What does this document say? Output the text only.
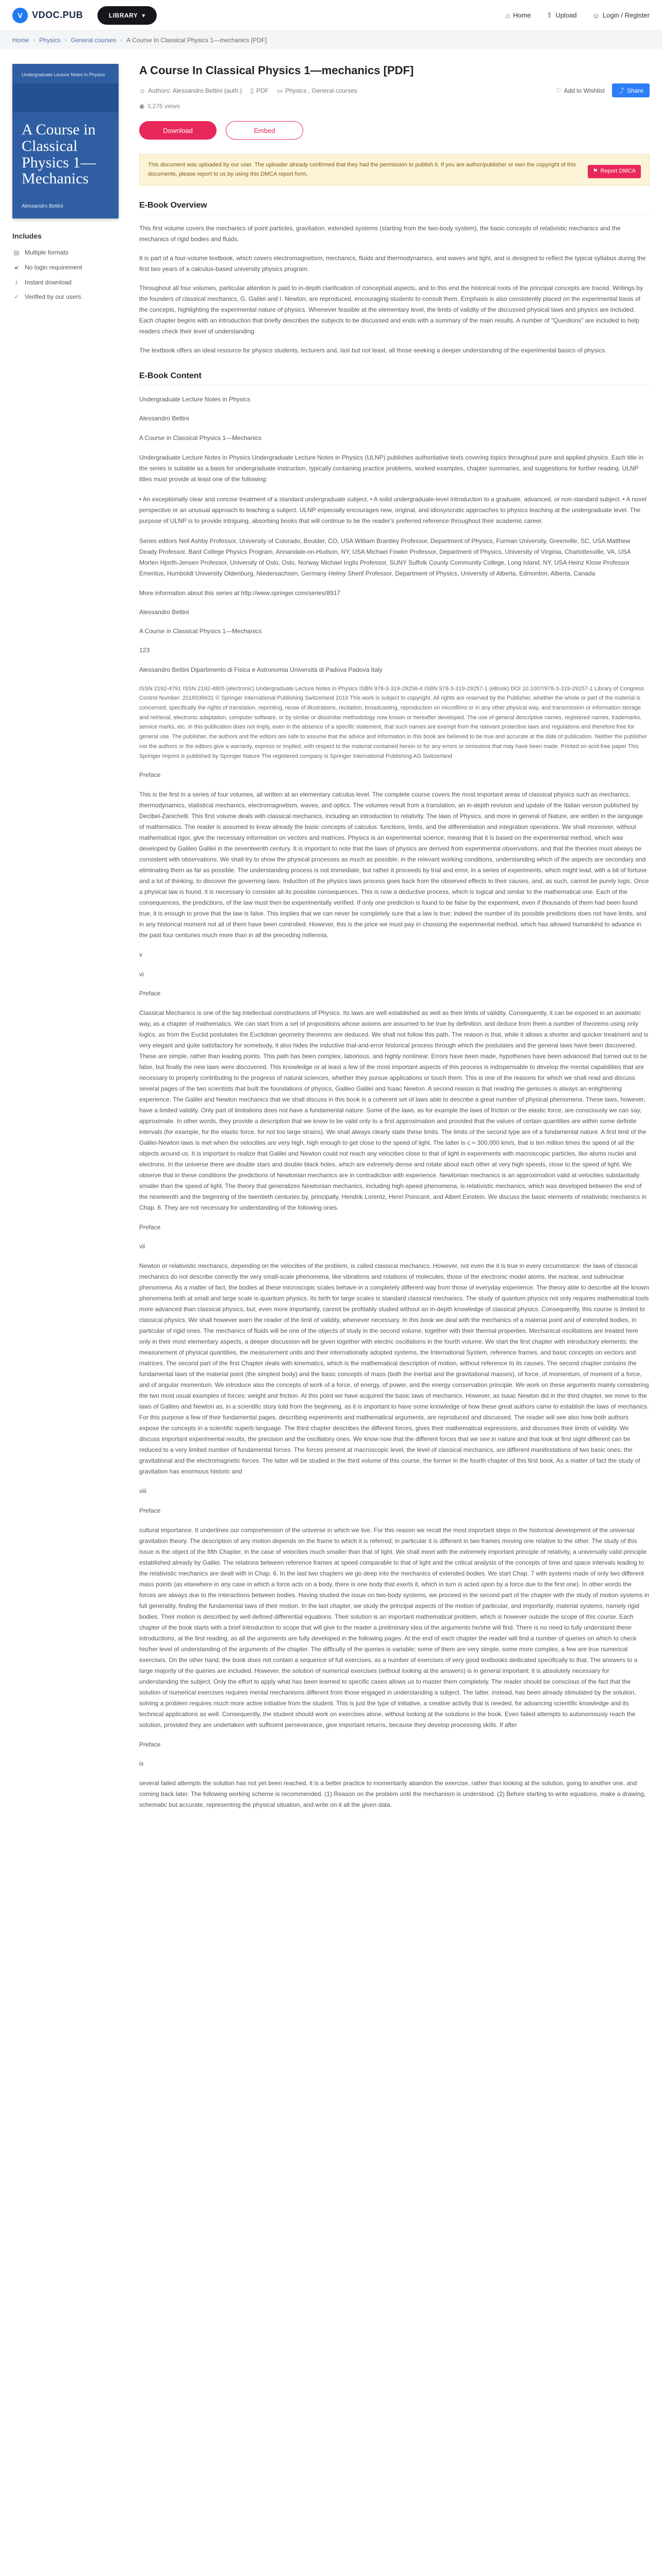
V	VDOC.PUB	LIBRARY ▾	⌂ Home ⇪ Upload ☺ Login / Register
Home › Physics › General courses › A Course In Classical Physics 1—mechanics [PDF]
Undergraduate Lecture Notes in Physics
A Course in Classical Physics 1— Mechanics
Alessandro Bettini
Includes
▤ Multiple formats
🔓︎	No login requirement
⤓	Instant download
✓ Verified by our users
A Course In Classical Physics 1—mechanics [PDF]
☺ Authors: Alessandro Bettini (auth.) ▯ PDF ▭ Physics , General courses	♡ Add to Wishlist ⤴ Share
◉ 3,276 views
Download	Embed
This document was uploaded by our user. The uploader already confirmed that they had the permission to publish it. If you are author/publisher or own the copyright of this documents, please report to us by using this DMCA report form.	⚑ Report DMCA
E-Book Overview

This first volume covers the mechanics of point particles, gravitation, extended systems (starting from the two-body system), the basic concepts of relativistic mechanics and the mechanics of rigid bodies and fluids.

It is part of a four-volume textbook, which covers electromagnetism, mechanics, fluids and thermodynamics, and waves and light, and is designed to reflect the typical syllabus during the first two years of a calculus-based university physics program.

Throughout all four volumes, particular attention is paid to in-depth clarification of conceptual aspects, and to this end the historical roots of the principal concepts are traced. Writings by the founders of classical mechanics, G. Galilei and I. Newton, are reproduced, encouraging students to consult them. Emphasis is also consistently placed on the experimental basis of the concepts, highlighting the experimental nature of physics. Whenever feasible at the elementary level, the limits of validity of the discussed physical laws and physics are included. Each chapter begins with an introduction that briefly describes the subjects to be discussed and ends with a summary of the main results. A number of "Questions" are included to help readers check their level of understanding.

The textbook offers an ideal resource for physics students, lecturers and, last but not least, all those seeking a deeper understanding of the experimental basics of physics.

E-Book Content

Undergraduate Lecture Notes in Physics

Alessandro Bettini

A Course in Classical Physics 1—Mechanics

Undergraduate Lecture Notes in Physics Undergraduate Lecture Notes in Physics (ULNP) publishes authoritative texts covering topics throughout pure and applied physics. Each title in the series is suitable as a basis for undergraduate instruction, typically containing practice problems, worked examples, chapter summaries, and suggestions for further reading. ULNP titles must provide at least one of the following:

• An exceptionally clear and concise treatment of a standard undergraduate subject. • A solid undergraduate-level introduction to a graduate, advanced, or non-standard subject. • A novel perspective or an unusual approach to teaching a subject. ULNP especially encourages new, original, and idiosyncratic approaches to physics teaching at the undergraduate level. The purpose of ULNP is to provide intriguing, absorbing books that will continue to be the reader's preferred reference throughout their academic career.

Series editors Neil Ashby Professor, University of Colorado, Boulder, CO, USA William Brantley Professor, Department of Physics, Furman University, Greenville, SC, USA Matthew Deady Professor, Bard College Physics Program, Annandale-on-Hudson, NY, USA Michael Fowler Professor, Department of Physics, University of Virginia, Charlottesville, VA, USA Morten Hjorth-Jensen Professor, University of Oslo, Oslo, Norway Michael Inglis Professor, SUNY Suffolk County Community College, Long Island, NY, USA Heinz Klose Professor Emeritus, Humboldt University Oldenburg, Niedersachsen, Germany Helmy Sherif Professor, Department of Physics, University of Alberta, Edmonton, Alberta, Canada

More information about this series at http://www.springer.com/series/8917

Alessandro Bettini

A Course in Classical Physics 1—Mechanics

123

Alessandro Bettini Dipartimento di Fisica e Astronomia Università di Padova Padova Italy

ISSN 2192-4791 ISSN 2192-4805 (electronic) Undergraduate Lecture Notes in Physics ISBN 978-3-319-29256-4 ISBN 978-3-319-29257-1 (eBook) DOI 10.1007/978-3-319-29257-1 Library of Congress Control Number: 2016936631 © Springer International Publishing Switzerland 2016 This work is subject to copyright. All rights are reserved by the Publisher, whether the whole or part of the material is concerned, specifically the rights of translation, reprinting, reuse of illustrations, recitation, broadcasting, reproduction on microfilms or in any other physical way, and transmission or information storage and retrieval, electronic adaptation, computer software, or by similar or dissimilar methodology now known or hereafter developed. The use of general descriptive names, registered names, trademarks, service marks, etc. in this publication does not imply, even in the absence of a specific statement, that such names are exempt from the relevant protective laws and regulations and therefore free for general use. The publisher, the authors and the editors are safe to assume that the advice and information in this book are believed to be true and accurate at the date of publication. Neither the publisher nor the authors or the editors give a warranty, express or implied, with respect to the material contained herein or for any errors or omissions that may have been made. Printed on acid-free paper This Springer imprint is published by Springer Nature The registered company is Springer International Publishing AG Switzerland

Preface

This is the first in a series of four volumes, all written at an elementary calculus level. The complete course covers the most important areas of classical physics such as mechanics, thermodynamics, statistical mechanics, electromagnetism, waves, and optics. The volumes result from a translation, an in-depth revision and update of the Italian version published by Decibel-Zanichelli. This first volume deals with classical mechanics, including an introduction to relativity. The laws of Physics, and more in general of Nature, are written in the language of mathematics. The reader is assumed to know already the basic concepts of calculus: functions, limits, and the differentiation and integration operations. We shall moreover, without mathematical rigor, give the necessary information on vectors and matrices. Physics is an experimental science, meaning that it is based on the experimental method, which was developed by Galileo Galilei in the seventeenth century. It is important to note that the laws of physics are derived from experimental observations, and that the theories must always be consistent with observations. We shall try to show the physical processes as much as possible, in the relevant working conditions, understanding which of the aspects are secondary and eliminating them as far as possible. The understanding process is not immediate, but rather it proceeds by trial and error, in a series of experiments, which might lead, with a bit of fortune and a lot of thinking, to discover the governing laws. Induction of the physics laws process goes back from the observed effects to their causes, and, as such, cannot be purely logic. Once a physical law is found, it is necessary to consider all its possible consequences. This is now a deductive process, which is logical and similar to the mathematical one. Each of the consequences, the predictions, of the law must then be experimentally verified. If only one prediction is found to be false by the experiment, even if thousands of them had been found true, it is enough to prove that the law is false. This implies that we can never be completely sure that a law is true; indeed the number of its possible predictions does not have limits, and in any historical moment not all of them have been controlled. However, this is the price we must pay in choosing the experimental method, which has allowed humankind to advance in the past four centuries much more than in all the preceding millennia.

v

vi

Preface

Classical Mechanics is one of the big intellectual constructions of Physics. Its laws are well established as well as their limits of validity. Consequently, it can be exposed in an axiomatic way, as a chapter of mathematics. We can start from a set of propositions whose axioms are assumed to be true by definition, and deduce from them a number of theorems using only logics, as from the Euclid postulates the Euclidean geometry theorems are deduced. We shall not follow this path. The reason is that, while it allows a shorter and quicker treatment and is very elegant and quite satisfactory for somebody, it also hides the inductive trial-and-error historical process through which the postulates and the general laws have been discovered. These are simple, rather than leading points. This path has been complex, laborious, and highly nonlinear. Errors have been made, hypotheses have been advanced that turned out to be false, but finally the new laws were discovered. This knowledge or at least a few of the most important aspects of this process is indispensable to develop the mental capabilities that are necessary to properly contributing to the progress of natural sciences, whether they pursue applications or touch them. This is one of the reasons for which we shall read and discuss several pages of the two scientists that built the foundations of physics, Galileo Galilei and Isaac Newton. A second reason is that reading the geniuses is always an enlightening experience. The Galilei and Newton mechanics that we shall discuss in this book is a coherent set of laws able to describe a great number of physical phenomena. These laws, however, have a limited validity. Only part of limitations does not have a fundamental nature. Some of the laws, as for example the laws of friction or the elastic force, are consciously we can say, approximate. In other words, they provide a description that we know to be valid only to a first approximation and provided that the values of certain quantities are within some definite intervals (for example, for the elastic force, for not too large strains). We shall always clearly state these limits. The limits of the second type are of a fundamental nature. A first limit of the Galilei-Newton laws is met when the velocities are very high, high enough to get close to the speed of light. The latter is c ≈ 300,000 km/s, that is ten million times the speed of all the objects around us. It is important to realize that Galilei and Newton could not reach any velocities close to that of light in experiments with macroscopic particles, like atoms nuclei and electrons. In the universe there are double stars and double black holes, which are extremely dense and rotate about each other at very high speeds, close to the speed of light. We observe that in these conditions the predictions of Newtonian mechanics are in contradiction with experience. Newtonian mechanics is an approximation valid at velocities substantially smaller than the speed of light. The theory that generalizes Newtonian mechanics, including high-speed phenomena, is relativistic mechanics, which was developed between the end of the nineteenth and the beginning of the twentieth centuries by, principally, Hendrik Lorentz, Henri Poincaré, and Albert Einstein. We discuss the basic elements of relativistic mechanics in Chap. 6. They are not necessary for understanding of the following ones.

Preface

vii

Newton or relativistic mechanics, depending on the velocities of the problem, is called classical mechanics. However, not even the it is true in every circumstance: the laws of classical mechanics do not describe correctly the very small-scale phenomena, like vibrations and rotations of molecules, those of the electronic model atoms, the nuclear, and subnuclear phenomena. As a matter of fact, the bodies at these microscopic scales behave in a completely different way from those of everyday experience. The theory able to describe all the known phenomena both at small and large scale is quantum physics. Its birth for large scales is standard classical mechanics. The study of quantum physics not only requires mathematical tools more advanced than classical physics, but, even more importantly, cannot be profitably studied without an in-depth knowledge of classical physics. Consequently, this course is limited to classical physics. We shall however warn the reader of the limit of validity, whenever necessary. In this book we deal with the mechanics of a material point and of extended bodies, in particular of rigid ones. The mechanics of fluids will be one of the objects of study in the second volume, together with their thermal properties. Mechanical oscillations are treated here only in their most elementary aspects, a deeper discussion will be given together with electric oscillations in the fourth volume. We start the first chapter with introductory elements: the measurement of physical quantities, the measurement units and their internationally adopted systems, the International System, reference frames, and basic concepts on vectors and matrices. The second part of the first Chapter deals with kinematics, which is the mathematical description of motion, without reference to its causes. The second chapter contains the fundamental laws of the material point (the simplest body) and the basic concepts of mass (both the inertial and the gravitational masses), of force, of momentum, of moment of a force, and of angular momentum. We introduce also the concepts of work of a force, of energy, of power, and the energy conservation principle. We work on these arguments mainly considering the two most usual examples of forces: weight and friction. At this point we have acquired the basic laws of mechanics. However, as Isaac Newton did in the third chapter, we move to the laws of Galileo and Newton as, in a scientific story told from the beginning, as it is important to have some knowledge of how these great authors came to establish the laws of mechanics. For this purpose a few of their fundamental pages, describing experiments and mathematical arguments, are reproduced and discussed. The reader will see also how both authors expose the concepts in a scientific superb language. The third chapter describes the different forces, gives their mathematical expressions, and discusses their limits of validity. We discuss important experimental results, the precision and the oscillatory ones. We know now that the different forces that we see in nature and that look at first sight different can be reduced to a very limited number of fundamental forces. The forces present at macroscopic level, the level of classical mechanics, are different manifestations of two basic ones: the gravitational and the electromagnetic forces. The latter will be studied in the third volume of this course, the former in the fourth chapter of this first book. As a matter of fact the study of gravitation has enormous historic and

viii

Preface

cultural importance. It underlines our comprehension of the universe in which we live. For this reason we recall the most important steps in the historical development of the universal gravitation theory. The description of any motion depends on the frame to which it is referred; in particular it is different in two frames moving one relative to the other. The study of this issue is the object of the fifth Chapter, in the case of velocities much smaller than that of light. We shall meet with the extremely important principle of relativity, a universally valid principle established already by Galilei. The relations between reference frames at speed comparable to that of light and the critical analysis of the concepts of time and space intervals leading to the relativistic mechanics are dealt with in Chap. 6. In the last two chapters we go deep into the mechanics of extended bodies. We start Chap. 7 with systems made of only two different mass points (as elsewhere in any case in which a force acts on a body, there is one body that exerts it, which in turn is acted upon by a force due to the first one). In other words the forces are always due to the interactions between bodies. Having studied the issue on two-body systems, we proceed in the second part of the chapter with the study of motion systems in full generality, finding the fundamental laws of their motion. In the last chapter, we study the principal aspects of the motion of particular, and importantly, material systems, namely rigid bodies. Their motion is described by well defined differential equations. Their solution is an important mathematical problem, which is however outside the scope of this course. Each chapter of the book starts with a brief introduction to scope that will give to the reader a preliminary idea of the arguments he/she will find. There is no need to fully understand these introductions, at the first reading, as all the arguments are fully developed in the following pages. At the end of each chapter the reader will find a number of queries on which to check his/her level of understanding of the arguments of the chapter. The difficulty of the queries is variable; some of them are very simple, some more complex, a few are true numerical exercises. On the other hand, the book does not contain a sequence of full exercises, as a number of exercises of very good textbooks dedicated specifically to that. The answers to a large majority of the queries are included. However, the solution of numerical exercises (without looking at the answers) is in general important; it is absolutely necessary for understanding the subject. Only the effort to apply what has been learned to specific cases allows us to master them completely. The reader should be conscious of the fact that the solution of numerical exercises requires mental mechanisms different from those engaged in understanding a subject. The latter, instead, has been already stimulated by the solution, solving a problem requires much more active initiative from the student. This is just the type of initiative, a creative activity that is needed, for advancing scientific knowledge and its technical applications as well. Consequently, the student should work on exercises alone, without looking at the solutions in the book. Even failed attempts to autonomously reach the solution, provided they are undertaken with sufficient perseverance, give important returns, because they develop processing skills. If after

Preface

ix

several failed attempts the solution has not yet been reached, it is a better practice to momentarily abandon the exercise, rather than looking at the solution, going to another one, and coming back later. The following working scheme is recommended. (1) Reason on the problem until the mechanism is understood. (2) Before starting to write equations, make a drawing, schematic but accurate, representing the physical situation, and write on it all the given data.
